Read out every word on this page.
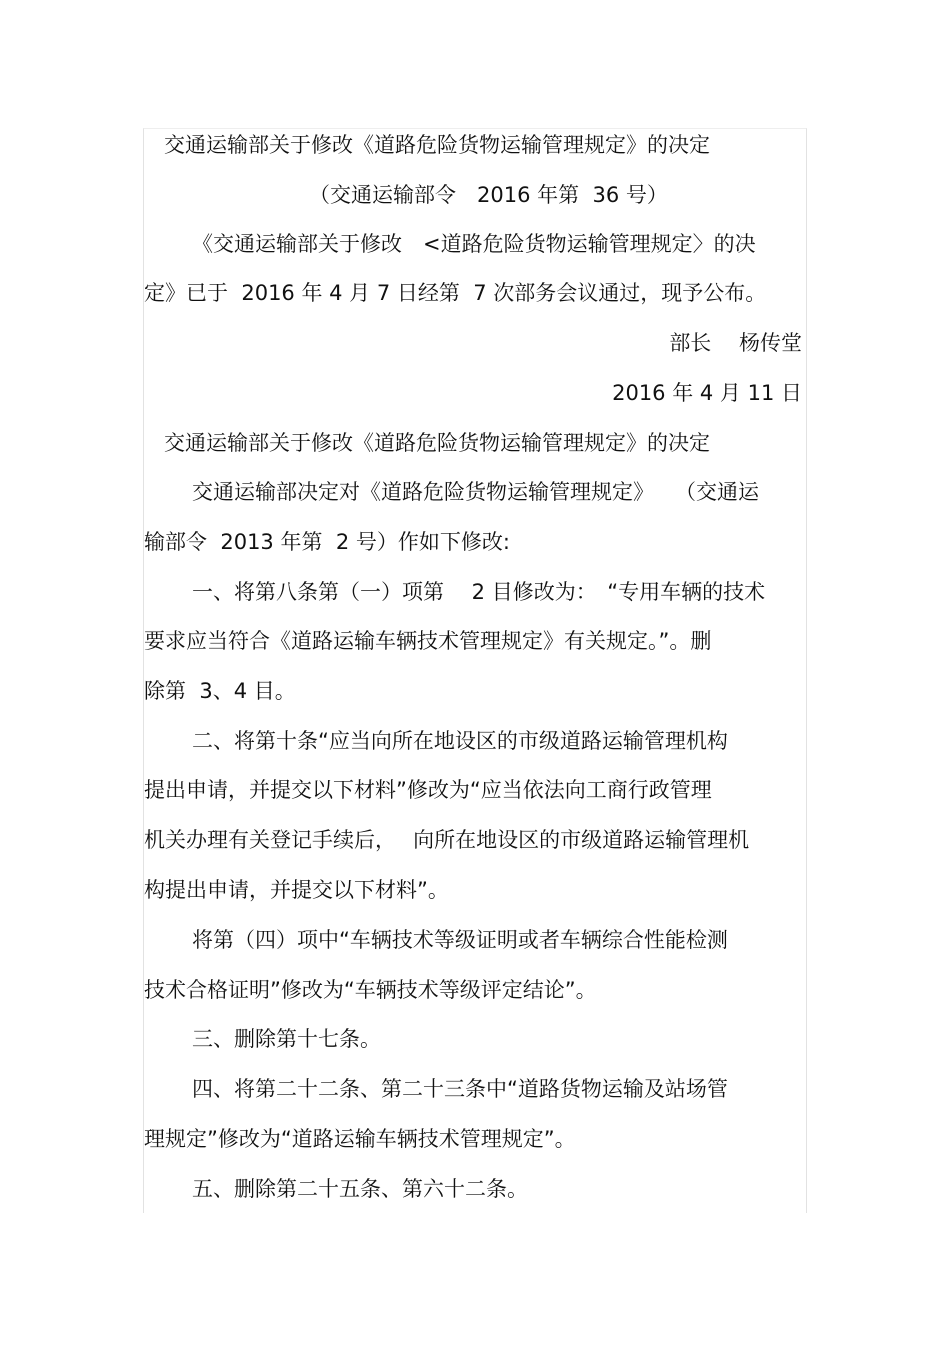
交通运输部关于修改《道路危险货物运输管理规定》的决定
（交通运输部令　2016 年第  36 号）
《交通运输部关于修改　<道路危险货物运输管理规定〉的决
定》已于  2016 年 4 月 7 日经第  7 次部务会议通过，现予公布。
部长　 杨传堂
2016 年 4 月 11 日
交通运输部关于修改《道路危险货物运输管理规定》的决定
交通运输部决定对《道路危险货物运输管理规定》　　（交通运
输部令  2013 年第  2 号）作如下修改:
一、将第八条第（一）项第　 2 目修改为：　“专用车辆的技术
要求应当符合《道路运输车辆技术管理规定》有关规定。”。删
除第  3、4 目。
二、将第十条“应当向所在地设区的市级道路运输管理机构
提出申请，并提交以下材料”修改为“应当依法向工商行政管理
机关办理有关登记手续后，　 向所在地设区的市级道路运输管理机
构提出申请，并提交以下材料”。
将第（四）项中“车辆技术等级证明或者车辆综合性能检测
技术合格证明”修改为“车辆技术等级评定结论”。
三、删除第十七条。
四、将第二十二条、第二十三条中“道路货物运输及站场管
理规定”修改为“道路运输车辆技术管理规定”。
五、删除第二十五条、第六十二条。
